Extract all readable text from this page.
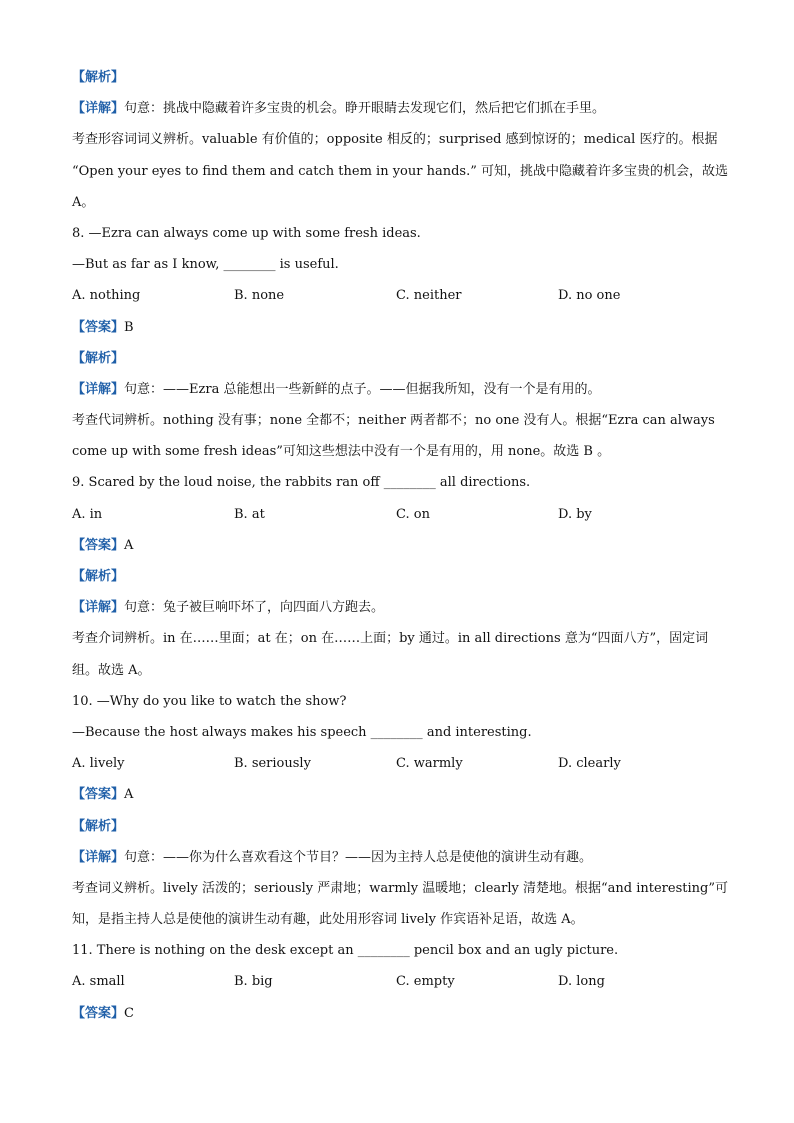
【解析】
【详解】句意：挑战中隐藏着许多宝贵的机会。睁开眼睛去发现它们，然后把它们抓在手里。
考查形容词词义辨析。valuable 有价值的；opposite 相反的；surprised 感到惊讶的；medical 医疗的。根据
“Open your eyes to find them and catch them in your hands.” 可知，挑战中隐藏着许多宝贵的机会，故选
A。
8. —Ezra can always come up with some fresh ideas.
—But as far as I know, ________ is useful.
A. nothing	B. none	C. neither	D. no one
【答案】B
【解析】
【详解】句意：——Ezra 总能想出一些新鲜的点子。——但据我所知，没有一个是有用的。
考查代词辨析。nothing 没有事；none 全都不；neither 两者都不；no one 没有人。根据“Ezra can always
come up with some fresh ideas”可知这些想法中没有一个是有用的，用 none。故选 B 。
9. Scared by the loud noise, the rabbits ran off ________ all directions.
A. in	B. at	C. on	D. by
【答案】A
【解析】
【详解】句意：兔子被巨响吓坏了，向四面八方跑去。
考查介词辨析。in 在……里面；at 在；on 在……上面；by 通过。in all directions 意为“四面八方”，固定词
组。故选 A。
10. —Why do you like to watch the show?
—Because the host always makes his speech ________ and interesting.
A. lively	B. seriously	C. warmly	D. clearly
【答案】A
【解析】
【详解】句意：——你为什么喜欢看这个节目？——因为主持人总是使他的演讲生动有趣。
考查词义辨析。lively 活泼的；seriously 严肃地；warmly 温暖地；clearly 清楚地。根据“and interesting”可
知，是指主持人总是使他的演讲生动有趣，此处用形容词 lively 作宾语补足语，故选 A。
11. There is nothing on the desk except an ________ pencil box and an ugly picture.
A. small	B. big	C. empty	D. long
【答案】C
